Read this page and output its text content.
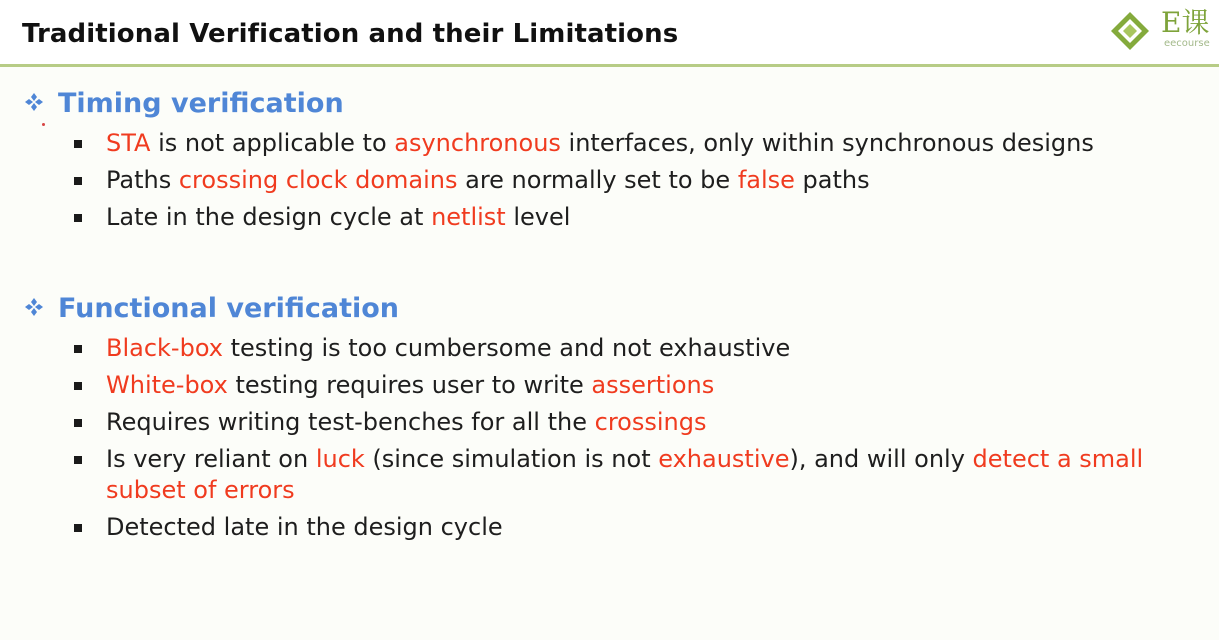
Traditional Verification and their Limitations	E课
eecourse
Timing verification
STA is not applicable to asynchronous interfaces, only within synchronous designs
Paths crossing clock domains are normally set to be false paths
Late in the design cycle at netlist level
Functional verification
Black-box testing is too cumbersome and not exhaustive
White-box testing requires user to write assertions
Requires writing test-benches for all the crossings
Is very reliant on luck (since simulation is not exhaustive), and will only detect a small subset of errors
Detected late in the design cycle
